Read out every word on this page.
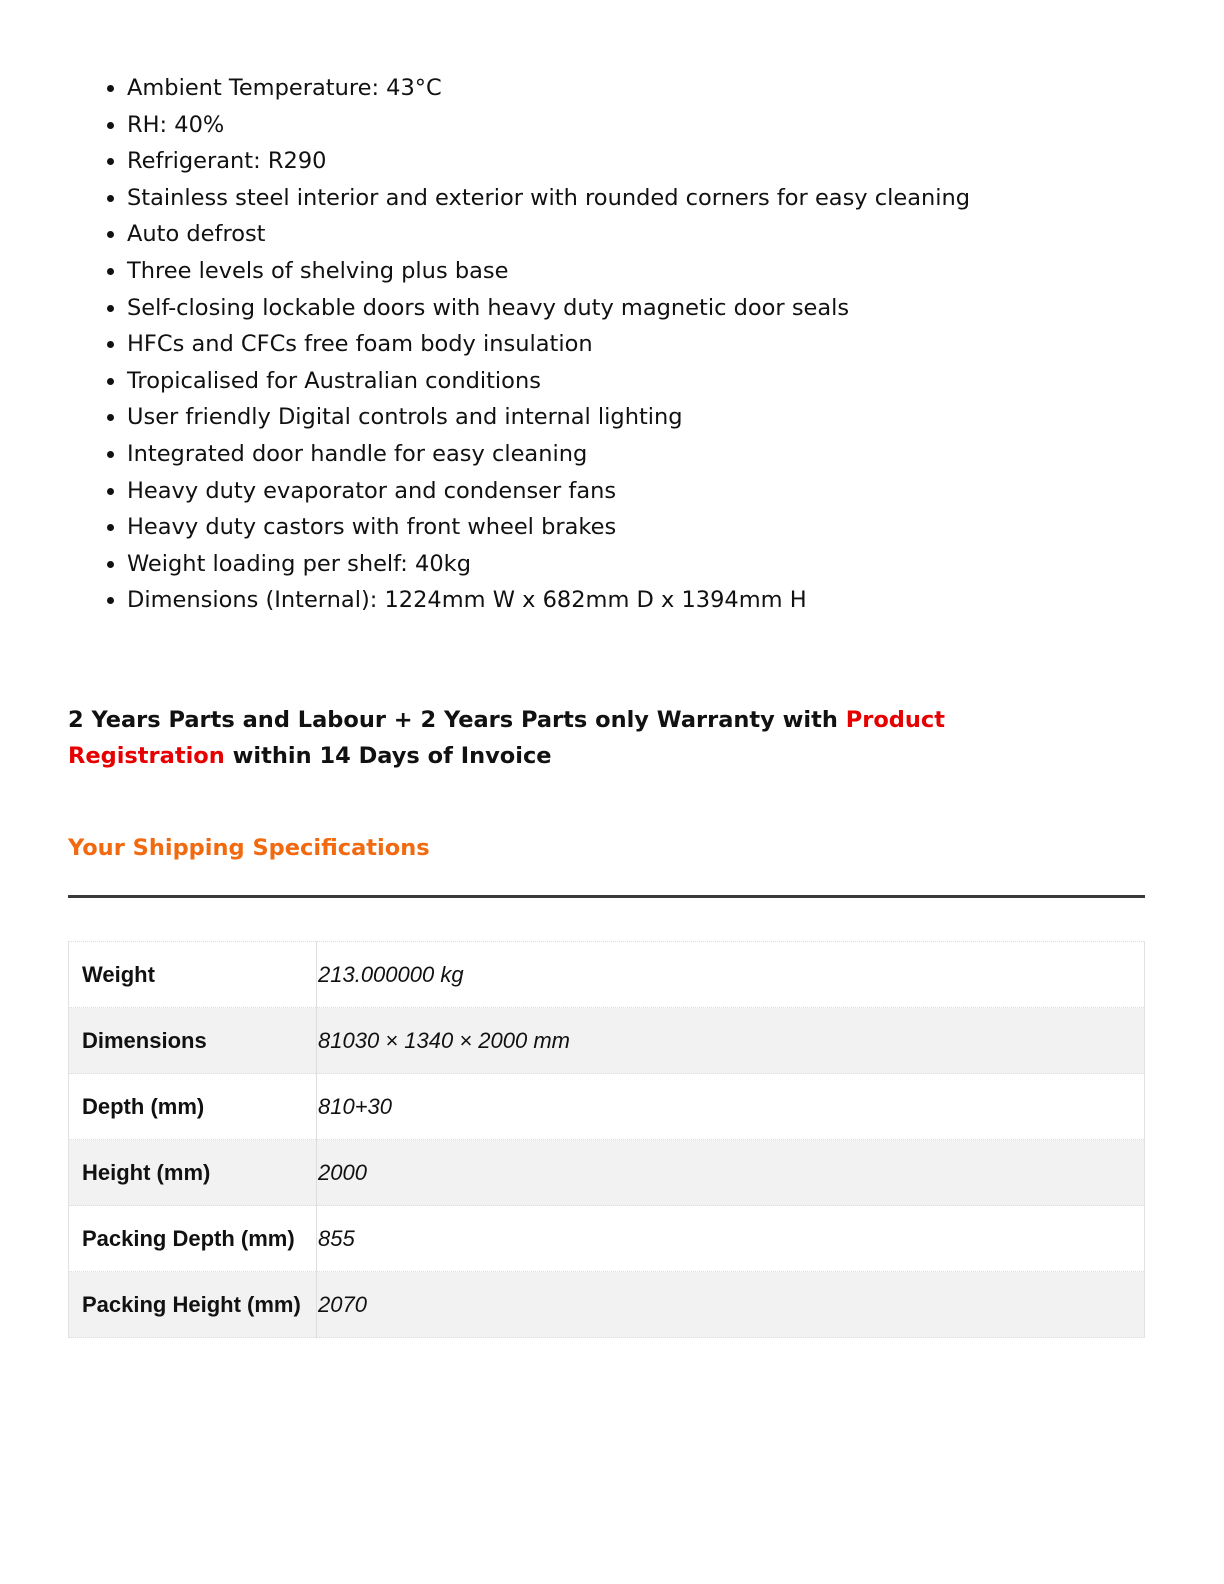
• Ambient Temperature: 43°C
• RH: 40%
• Refrigerant: R290
• Stainless steel interior and exterior with rounded corners for easy cleaning
• Auto defrost
• Three levels of shelving plus base
• Self-closing lockable doors with heavy duty magnetic door seals
• HFCs and CFCs free foam body insulation
• Tropicalised for Australian conditions
• User friendly Digital controls and internal lighting
• Integrated door handle for easy cleaning
• Heavy duty evaporator and condenser fans
• Heavy duty castors with front wheel brakes
• Weight loading per shelf: 40kg
• Dimensions (Internal): 1224mm W x 682mm D x 1394mm H

2 Years Parts and Labour + 2 Years Parts only Warranty with Product Registration within 14 Days of Invoice

Your Shipping Specifications
Weight	213.000000 kg
Dimensions	81030 × 1340 × 2000 mm
Depth (mm)	810+30
Height (mm)	2000
Packing Depth (mm)	855
Packing Height (mm)	2070
